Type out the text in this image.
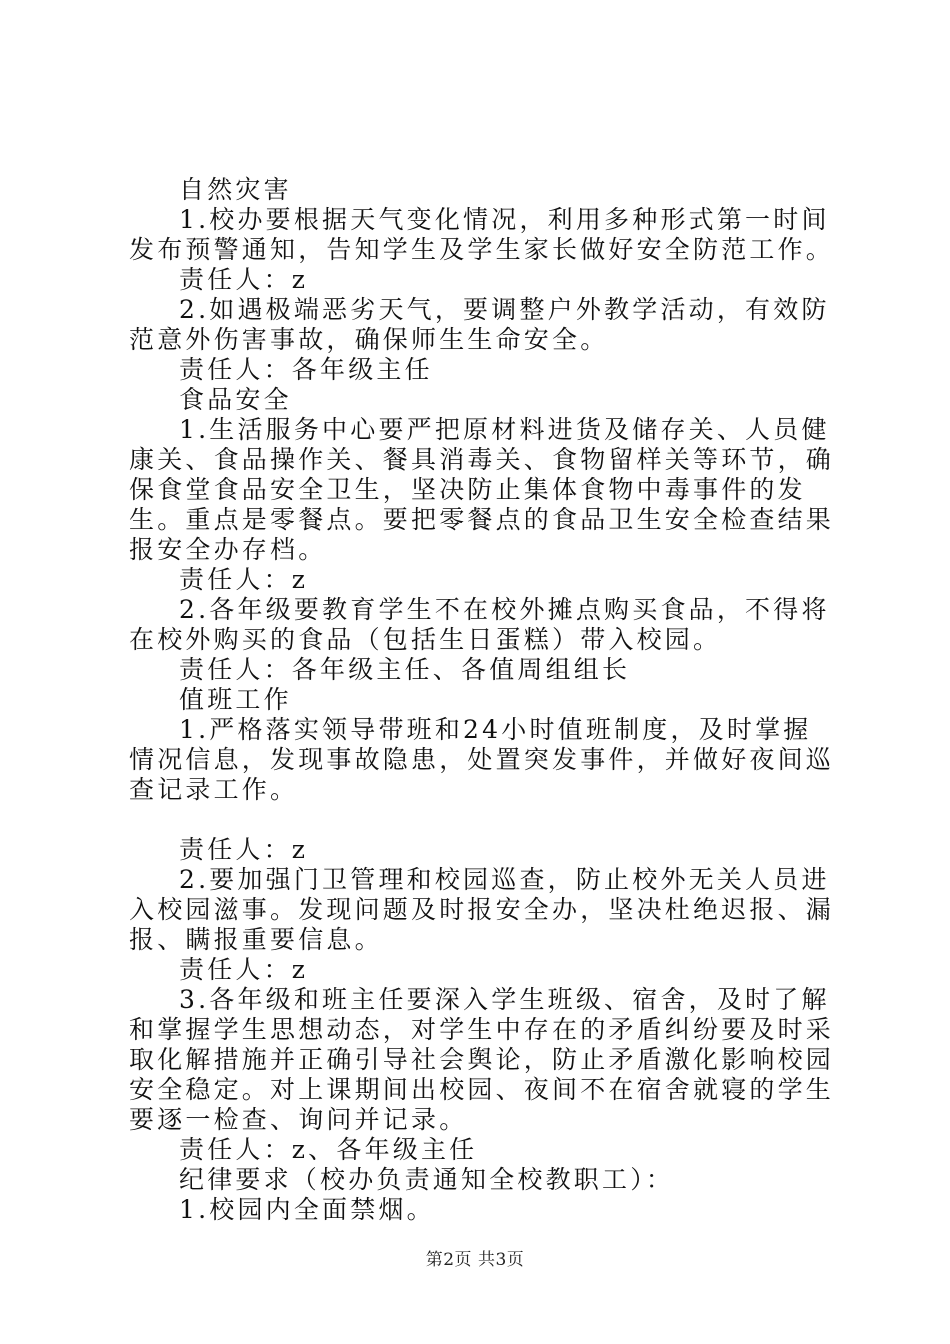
自然灾害

1.校办要根据天气变化情况，利用多种形式第一时间发布预警通知，告知学生及学生家长做好安全防范工作。

责任人：z

2.如遇极端恶劣天气，要调整户外教学活动，有效防范意外伤害事故，确保师生生命安全。

责任人：各年级主任

食品安全

1.生活服务中心要严把原材料进货及储存关、人员健康关、食品操作关、餐具消毒关、食物留样关等环节，确保食堂食品安全卫生，坚决防止集体食物中毒事件的发生。重点是零餐点。要把零餐点的食品卫生安全检查结果报安全办存档。

责任人：z

2.各年级要教育学生不在校外摊点购买食品，不得将在校外购买的食品（包括生日蛋糕）带入校园。

责任人：各年级主任、各值周组组长

值班工作

1.严格落实领导带班和24小时值班制度，及时掌握情况信息，发现事故隐患，处置突发事件，并做好夜间巡查记录工作。

责任人：z

2.要加强门卫管理和校园巡查，防止校外无关人员进入校园滋事。发现问题及时报安全办，坚决杜绝迟报、漏报、瞒报重要信息。

责任人：z

3.各年级和班主任要深入学生班级、宿舍，及时了解和掌握学生思想动态，对学生中存在的矛盾纠纷要及时采取化解措施并正确引导社会舆论，防止矛盾激化影响校园安全稳定。对上课期间出校园、夜间不在宿舍就寝的学生要逐一检查、询问并记录。

责任人：z、各年级主任

纪律要求（校办负责通知全校教职工）：

1.校园内全面禁烟。

第2页 共3页
